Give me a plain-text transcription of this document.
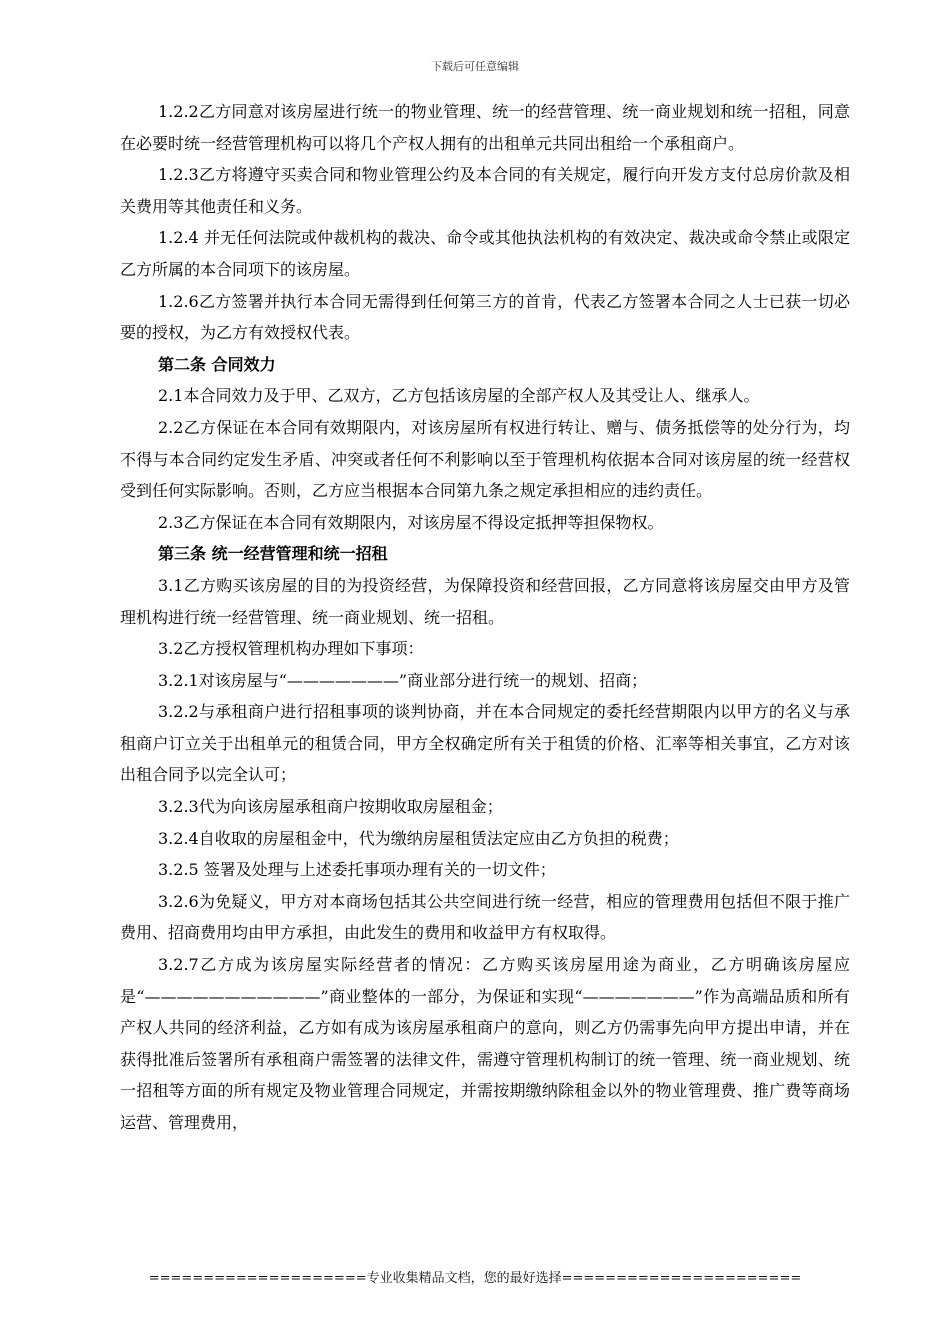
下载后可任意编辑

1.2.2乙方同意对该房屋进行统一的物业管理、统一的经营管理、统一商业规划和统一招租，同意在必要时统一经营管理机构可以将几个产权人拥有的出租单元共同出租给一个承租商户。

1.2.3乙方将遵守买卖合同和物业管理公约及本合同的有关规定，履行向开发方支付总房价款及相关费用等其他责任和义务。

1.2.4 并无任何法院或仲裁机构的裁决、命令或其他执法机构的有效决定、裁决或命令禁止或限定乙方所属的本合同项下的该房屋。

1.2.6乙方签署并执行本合同无需得到任何第三方的首肯，代表乙方签署本合同之人士已获一切必要的授权，为乙方有效授权代表。

第二条 合同效力

2.1本合同效力及于甲、乙双方，乙方包括该房屋的全部产权人及其受让人、继承人。

2.2乙方保证在本合同有效期限内，对该房屋所有权进行转让、赠与、债务抵偿等的处分行为，均不得与本合同约定发生矛盾、冲突或者任何不利影响以至于管理机构依据本合同对该房屋的统一经营权受到任何实际影响。否则，乙方应当根据本合同第九条之规定承担相应的违约责任。

2.3乙方保证在本合同有效期限内，对该房屋不得设定抵押等担保物权。

第三条 统一经营管理和统一招租

3.1乙方购买该房屋的目的为投资经营，为保障投资和经营回报，乙方同意将该房屋交由甲方及管理机构进行统一经营管理、统一商业规划、统一招租。

3.2乙方授权管理机构办理如下事项：

3.2.1对该房屋与“———————”商业部分进行统一的规划、招商；

3.2.2与承租商户进行招租事项的谈判协商，并在本合同规定的委托经营期限内以甲方的名义与承租商户订立关于出租单元的租赁合同，甲方全权确定所有关于租赁的价格、汇率等相关事宜，乙方对该出租合同予以完全认可；

3.2.3代为向该房屋承租商户按期收取房屋租金；

3.2.4自收取的房屋租金中，代为缴纳房屋租赁法定应由乙方负担的税费；

3.2.5 签署及处理与上述委托事项办理有关的一切文件；

3.2.6为免疑义，甲方对本商场包括其公共空间进行统一经营，相应的管理费用包括但不限于推广费用、招商费用均由甲方承担，由此发生的费用和收益甲方有权取得。

3.2.7乙方成为该房屋实际经营者的情况：乙方购买该房屋用途为商业，乙方明确该房屋应是“———————————”商业整体的一部分，为保证和实现“———————”作为高端品质和所有产权人共同的经济利益，乙方如有成为该房屋承租商户的意向，则乙方仍需事先向甲方提出申请，并在获得批准后签署所有承租商户需签署的法律文件，需遵守管理机构制订的统一管理、统一商业规划、统一招租等方面的所有规定及物业管理合同规定，并需按期缴纳除租金以外的物业管理费、推广费等商场运营、管理费用，

====================专业收集精品文档，您的最好选择======================
